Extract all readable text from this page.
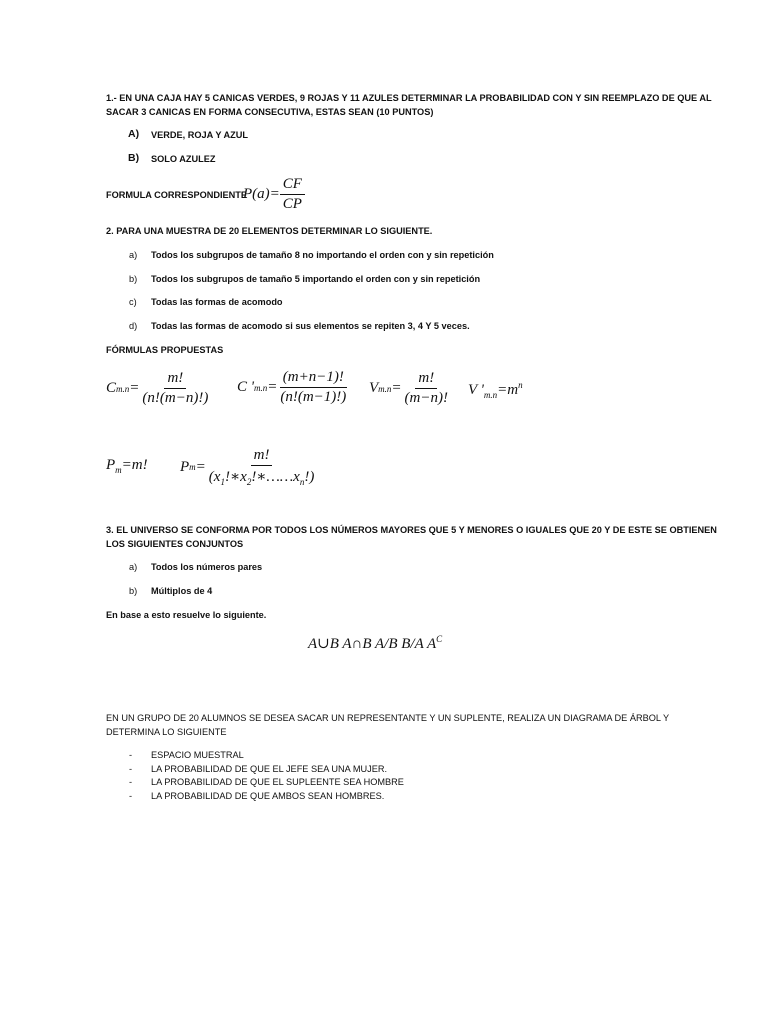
1.- EN UNA CAJA HAY 5 CANICAS VERDES, 9 ROJAS Y 11 AZULES DETERMINAR LA PROBABILIDAD CON Y SIN REEMPLAZO DE QUE AL
SACAR 3 CANICAS EN FORMA CONSECUTIVA, ESTAS SEAN (10 PUNTOS)
A) VERDE, ROJA Y AZUL
B) SOLO AZULEZ
FORMULA CORRESPONDIENTE
P ( a )= $\frac{CF}{CP}$
2. PARA UNA MUESTRA DE 20 ELEMENTOS DETERMINAR LO SIGUIENTE.
a) Todos los subgrupos de tamaño 8 no importando el orden con y sin repetición
b) Todos los subgrupos de tamaño 5 importando el orden con y sin repetición
c) Todas las formas de acomodo
d) Todas las formas de acomodo si sus elementos se repiten 3, 4 Y 5 veces.
FÓRMULAS PROPUESTAS
C $m.n = \frac{m!}{(n!(m-n)!)}$ C ' $m.n = \frac{(m+n-1)!}{(n!(m-1)!)}$ V $m.n = \frac{m!}{(m-n)!}$ V '$_{m.n}=m^n$
$P_m=m$! P $m = \frac{m!}{(x_1!∗x_2!∗\dots\dots x_n!)}$
3. EL UNIVERSO SE CONFORMA POR TODOS LOS NÚMEROS MAYORES QUE 5 Y MENORES O IGUALES QUE 20 Y DE ESTE SE OBTIENEN
LOS SIGUIENTES CONJUNTOS
a) Todos los números pares
b) Múltiplos de 4
En base a esto resuelve lo siguiente.
A∪B A∩B A/B B/A $A^C$
EN UN GRUPO DE 20 ALUMNOS SE DESEA SACAR UN REPRESENTANTE Y UN SUPLENTE, REALIZA UN DIAGRAMA DE ÁRBOL Y
DETERMINA LO SIGUIENTE
- ESPACIO MUESTRAL
- LA PROBABILIDAD DE QUE EL JEFE SEA UNA MUJER.
- LA PROBABILIDAD DE QUE EL SUPLEENTE SEA HOMBRE
- LA PROBABILIDAD DE QUE AMBOS SEAN HOMBRES.
